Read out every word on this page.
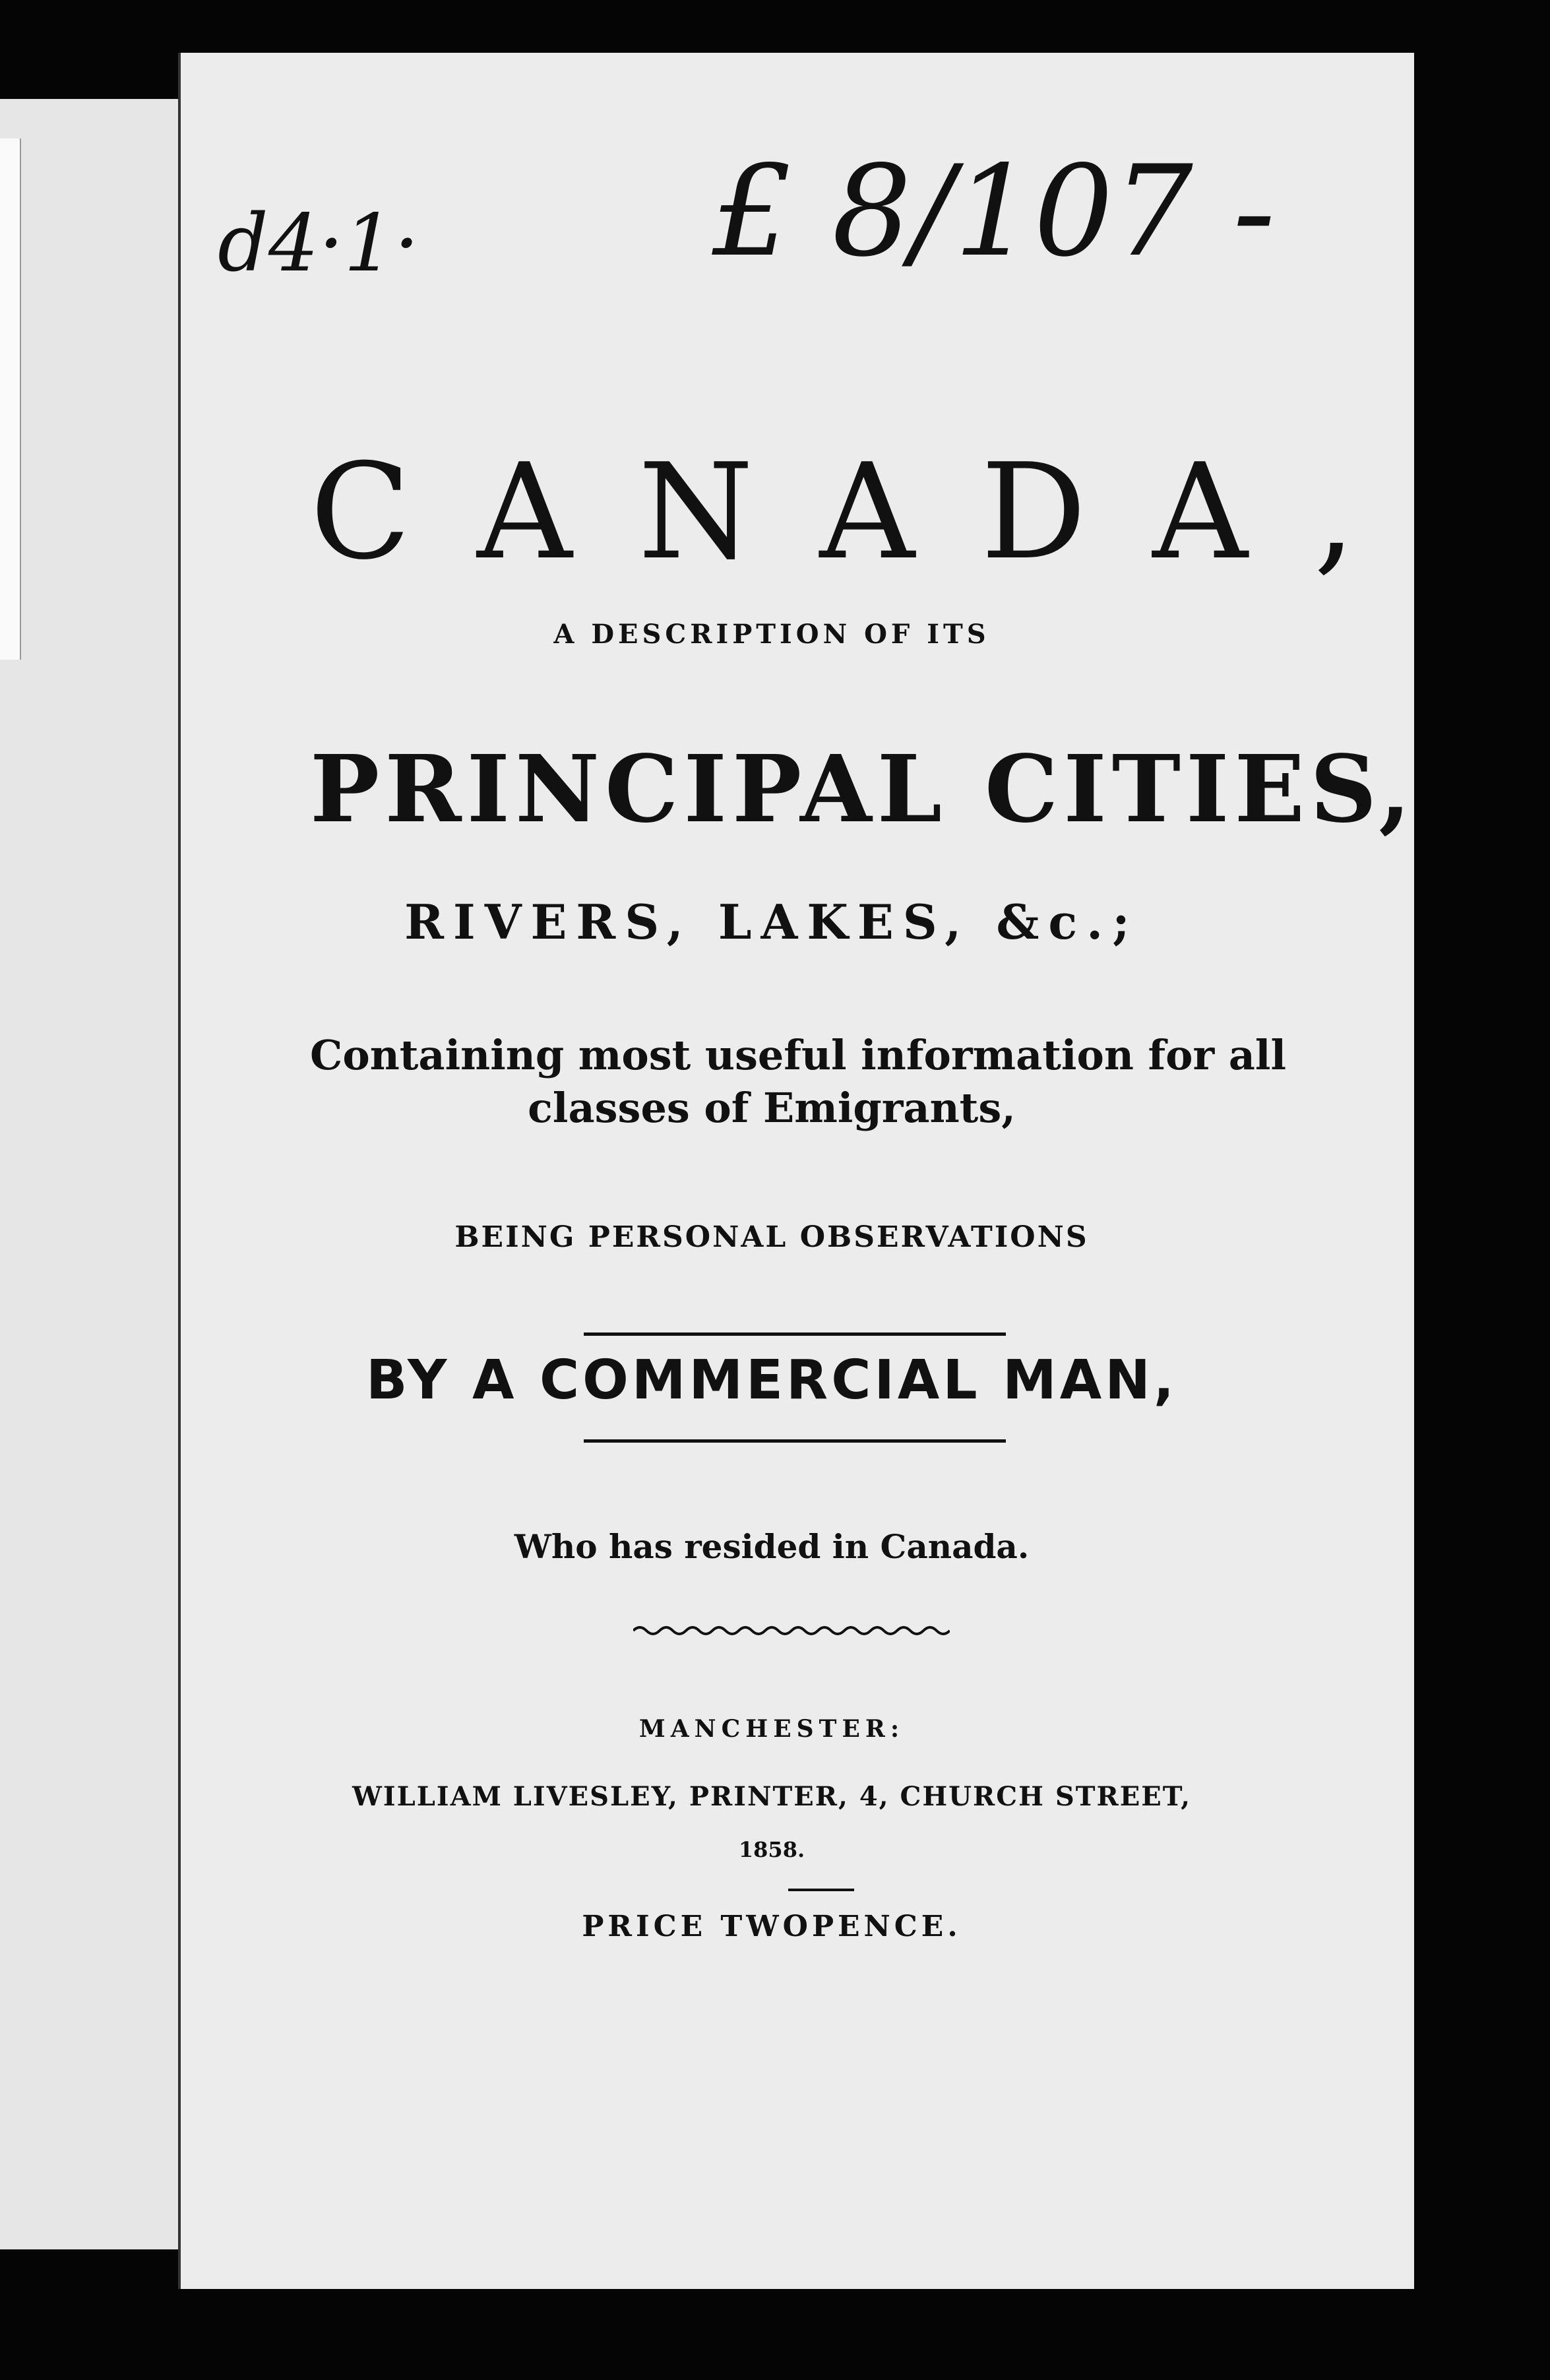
d4·1· £ 8/107 -
CANADA,
A DESCRIPTION OF ITS
PRINCIPAL CITIES,
RIVERS, LAKES, &c.;
Containing most useful information for all
classes of Emigrants,
BEING PERSONAL OBSERVATIONS
BY A COMMERCIAL MAN,
Who has resided in Canada.
MANCHESTER:
WILLIAM LIVESLEY, PRINTER, 4, CHURCH STREET,
1858.
PRICE TWOPENCE.
